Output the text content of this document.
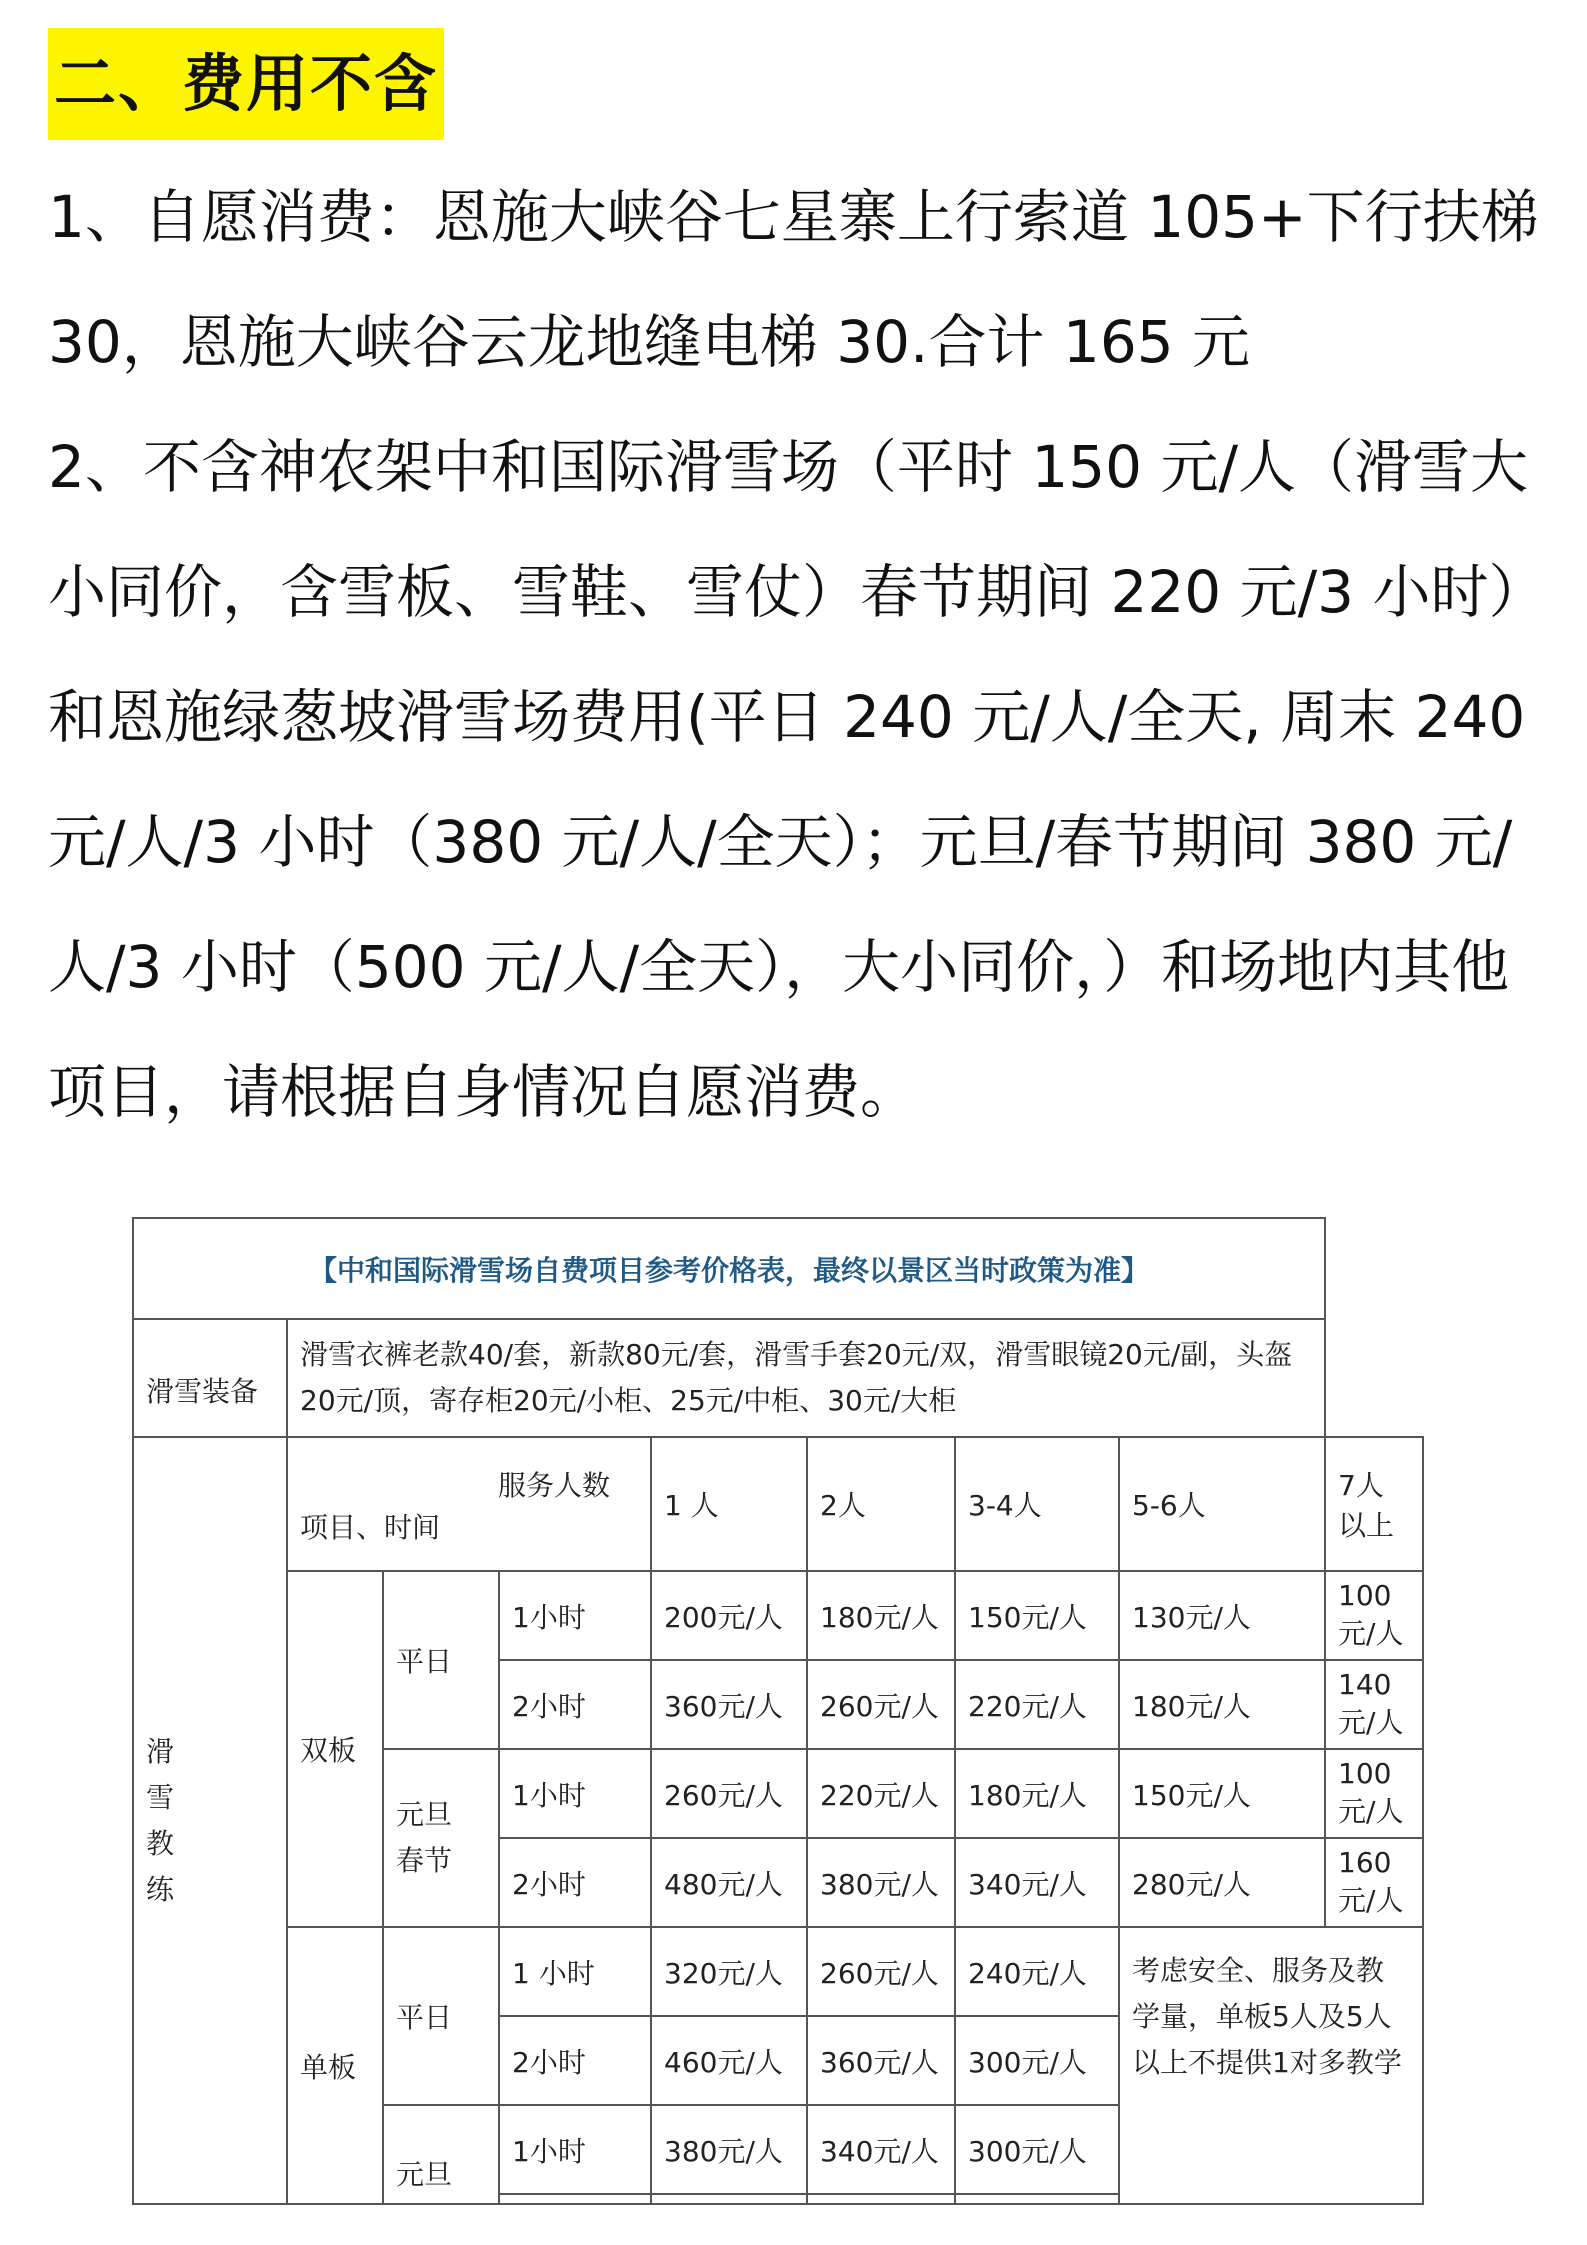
二、费用不含

1、自愿消费：恩施大峡谷七星寨上行索道 105+下行扶梯 30，恩施大峡谷云龙地缝电梯 30.合计 165 元

2、不含神农架中和国际滑雪场（平时 150 元/人（滑雪大小同价，含雪板、雪鞋、雪仗）春节期间 220 元/3 小时）和恩施绿葱坡滑雪场费用(平日 240 元/人/全天, 周末 240 元/人/3 小时（380 元/人/全天）；元旦/春节期间 380 元/人/3 小时（500 元/人/全天），大小同价，）和场地内其他项目，请根据自身情况自愿消费。

【中和国际滑雪场自费项目参考价格表，最终以景区当时政策为准】								
滑雪装备	滑雪衣裤老款40/套，新款80元/套，滑雪手套20元/双，滑雪眼镜20元/副，头盔20元/顶，寄存柜20元/小柜、25元/中柜、30元/大柜							

滑雪教练	服务人数
项目、时间			1 人	2人	3-4人	5-6人	7人以上
	双板	平日	1小时	200元/人	180元/人	150元/人	130元/人	100元/人
			2小时	360元/人	260元/人	220元/人	180元/人	140元/人

		元旦春节	1小时	260元/人	220元/人	180元/人	150元/人	100元/人
			2小时	480元/人	380元/人	340元/人	280元/人	160元/人
	单板	平日	1 小时	320元/人	260元/人	240元/人	考虑安全、服务及教学量，单板5人及5人以上不提供1对多教学	
			2小时	460元/人	360元/人	300元/人		
		元旦	1小时	380元/人	340元/人	300元/人		
